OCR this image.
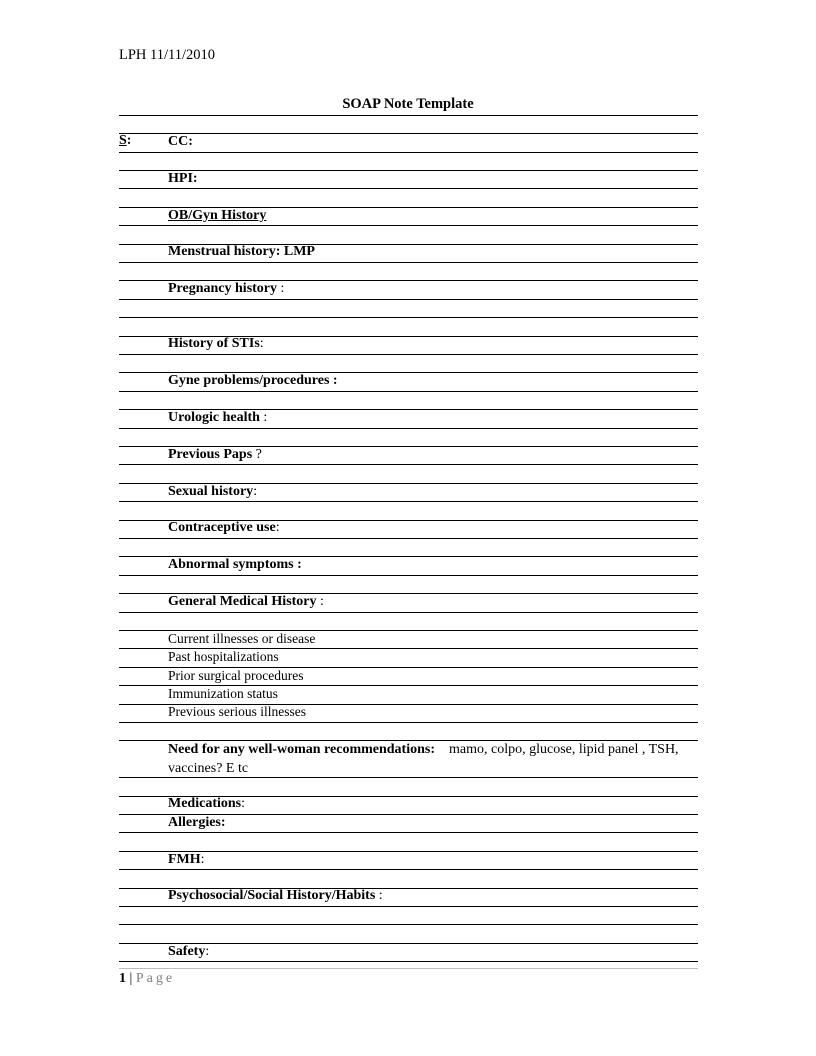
LPH 11/11/2010
SOAP Note Template
S:	CC:
HPI:
OB/Gyn History
Menstrual history: LMP
Pregnancy history :
History of STIs:
Gyne problems/procedures :
Urologic health :
Previous Paps ?
Sexual history:
Contraceptive use:
Abnormal symptoms :
General Medical History :
Current illnesses or disease
Past hospitalizations
Prior surgical procedures
Immunization status
Previous serious illnesses
Need for any well-woman recommendations: mamo, colpo, glucose, lipid panel , TSH, vaccines? E tc
Medications:
Allergies:
FMH:
Psychosocial/Social History/Habits :
Safety:
1 | Page
